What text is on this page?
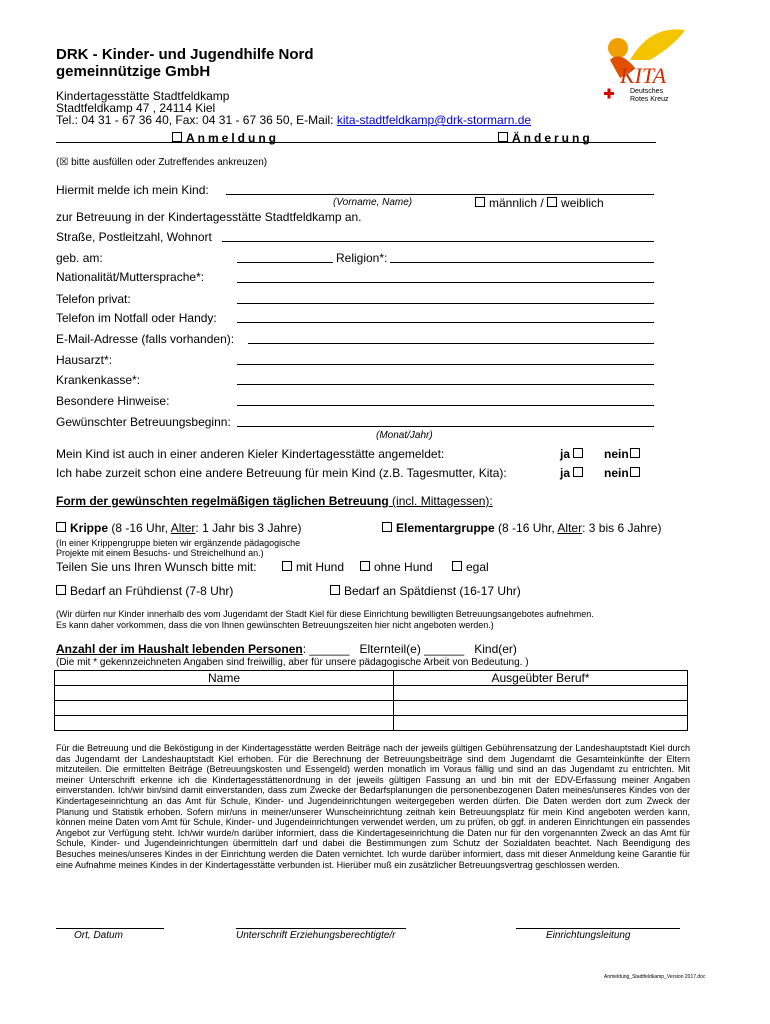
DRK - Kinder- und Jugendhilfe Nord
gemeinnützige GmbH
Kindertagesstätte Stadtfeldkamp
Stadtfeldkamp 47 , 24114 Kiel
Tel.: 04 31 - 67 36 40, Fax: 04 31 - 67 36 50, E-Mail: kita-stadtfeldkamp@drk-stormarn.de
KITA
Deutsches Rotes Kreuz
Anmeldung	Änderung
(☒ bitte ausfüllen oder Zutreffendes ankreuzen)
Hiermit melde ich mein Kind:
(Vorname, Name)	männlich / weiblich
zur Betreuung in der Kindertagesstätte Stadtfeldkamp an.
Straße, Postleitzahl, Wohnort
geb. am:	Religion*:
Nationalität/Muttersprache*:
Telefon privat:
Telefon im Notfall oder Handy:
E-Mail-Adresse (falls vorhanden):
Hausarzt*:
Krankenkasse*:
Besondere Hinweise:
Gewünschter Betreuungsbeginn:
(Monat/Jahr)
Mein Kind ist auch in einer anderen Kieler Kindertagesstätte angemeldet:	ja	nein
Ich habe zurzeit schon eine andere Betreuung für mein Kind (z.B. Tagesmutter, Kita):	ja	nein
Form der gewünschten regelmäßigen täglichen Betreuung (incl. Mittagessen):
Krippe (8 -16 Uhr, Alter: 1 Jahr bis 3 Jahre)	Elementargruppe (8 -16 Uhr, Alter: 3 bis 6 Jahre)
(In einer Krippengruppe bieten wir ergänzende pädagogische
Projekte mit einem Besuchs- und Streichelhund an.)
Teilen Sie uns Ihren Wunsch bitte mit:	mit Hund	ohne Hund	egal
Bedarf an Frühdienst (7-8 Uhr)	Bedarf an Spätdienst (16-17 Uhr)
(Wir dürfen nur Kinder innerhalb des vom Jugendamt der Stadt Kiel für diese Einrichtung bewilligten Betreuungsangebotes aufnehmen.
Es kann daher vorkommen, dass die von Ihnen gewünschten Betreuungszeiten hier nicht angeboten werden.)
Anzahl der im Haushalt lebenden Personen: ______ Elternteil(e) ______ Kind(er)
(Die mit * gekennzeichneten Angaben sind freiwillig, aber für unsere pädagogische Arbeit von Bedeutung. )
Name	Ausgeübter Beruf*

Für die Betreuung und die Beköstigung in der Kindertagesstätte werden Beiträge nach der jeweils gültigen Gebührensatzung der Landeshauptstadt Kiel durch das Jugendamt der Landeshauptstadt Kiel erhoben. Für die Berechnung der Betreuungsbeiträge sind dem Jugendamt die Gesamteinkünfte der Eltern mitzuteilen. Die ermittelten Beiträge (Betreuungskosten und Essengeld) werden monatlich im Voraus fällig und sind an das Jugendamt zu entrichten. Mit meiner Unterschrift erkenne ich die Kindertagesstättenordnung in der jeweils gültigen Fassung an und bin mit der EDV-Erfassung meiner Angaben einverstanden. Ich/wir bin/sind damit einverstanden, dass zum Zwecke der Bedarfsplanungen die personenbezogenen Daten meines/unseres Kindes von der Kindertageseinrichtung an das Amt für Schule, Kinder- und Jugendeinrichtungen weitergegeben werden dürfen. Die Daten werden dort zum Zweck der Planung und Statistik erhoben. Sofern mir/uns in meiner/unserer Wunscheinrichtung zeitnah kein Betreuungsplatz für mein Kind angeboten werden kann, können meine Daten vom Amt für Schule, Kinder- und Jugendeinrichtungen verwendet werden, um zu prüfen, ob ggf. in anderen Einrichtungen ein passendes Angebot zur Verfügung steht. Ich/wir wurde/n darüber informiert, dass die Kindertageseinrichtung die Daten nur für den vorgenannten Zweck an das Amt für Schule, Kinder- und Jugendeinrichtungen übermitteln darf und dabei die Bestimmungen zum Schutz der Sozialdaten beachtet. Nach Beendigung des Besuches meines/unseres Kindes in der Einrichtung werden die Daten vernichtet. Ich wurde darüber informiert, dass mit dieser Anmeldung keine Garantie für eine Aufnahme meines Kindes in der Kindertagesstätte verbunden ist. Hierüber muß ein zusätzlicher Betreuungsvertrag geschlossen werden.
Ort, Datum	Unterschrift Erziehungsberechtigte/r	Einrichtungsleitung
Anmeldung_Stadtfeldkamp_Version 2017.doc
